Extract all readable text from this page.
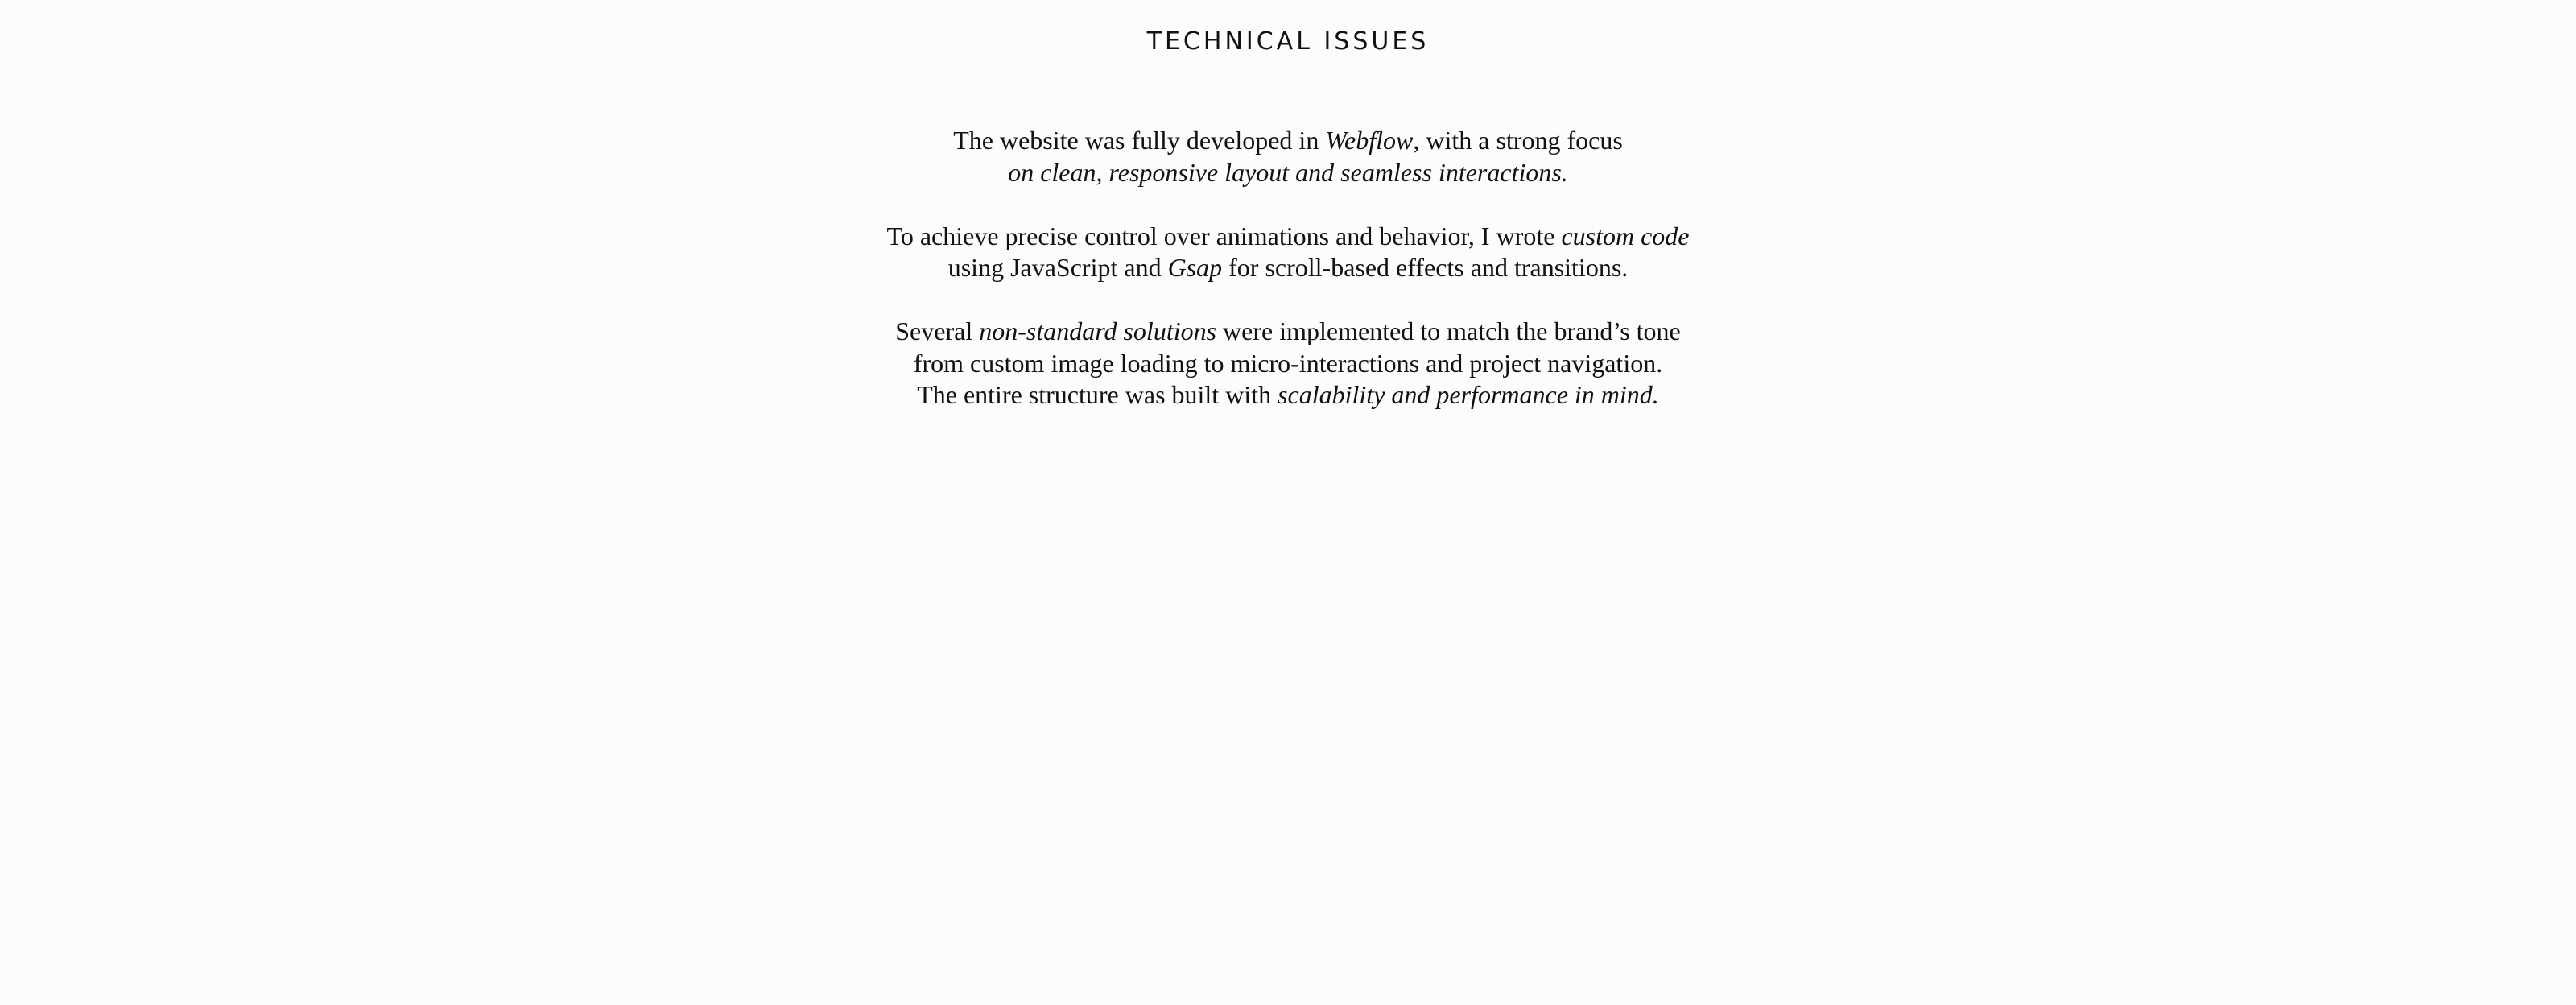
TECHNICAL ISSUES

The website was fully developed in Webflow, with a strong focus
on clean, responsive layout and seamless interactions.

To achieve precise control over animations and behavior, I wrote custom code
using JavaScript and Gsap for scroll-based effects and transitions.

Several non-standard solutions were implemented to match the brand’s tone
from custom image loading to micro-interactions and project navigation.
The entire structure was built with scalability and performance in mind.
